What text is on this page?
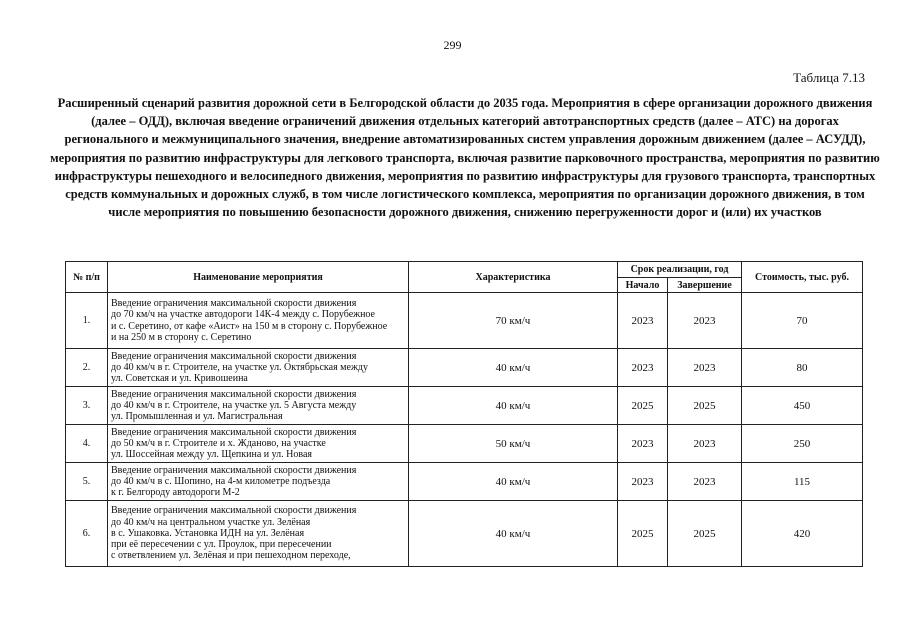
299
Таблица 7.13
Расширенный сценарий развития дорожной сети в Белгородской области до 2035 года. Мероприятия в сфере организации дорожного движения (далее – ОДД), включая введение ограничений движения отдельных категорий автотранспортных средств (далее – АТС) на дорогах регионального и межмуниципального значения, внедрение автоматизированных систем управления дорожным движением (далее – АСУДД), мероприятия по развитию инфраструктуры для легкового транспорта, включая развитие парковочного пространства, мероприятия по развитию инфраструктуры пешеходного и велосипедного движения, мероприятия по развитию инфраструктуры для грузового транспорта, транспортных средств коммунальных и дорожных служб, в том числе логистического комплекса, мероприятия по организации дорожного движения, в том числе мероприятия по повышению безопасности дорожного движения, снижению перегруженности дорог и (или) их участков
№ п/п	Наименование мероприятия	Характеристика	Срок реализации, год		Стоимость, тыс. руб.
			Начало	Завершение	
1.	Введение ограничения максимальной скорости движения
до 70 км/ч на участке автодороги 14К-4 между с. Порубежное
и с. Серетино, от кафе «Аист» на 150 м в сторону с. Порубежное
и на 250 м в сторону с. Серетино	70 км/ч	2023	2023	70
2.	Введение ограничения максимальной скорости движения
до 40 км/ч в г. Строителе, на участке ул. Октябрьская между
ул. Советская и ул. Кривошеина	40 км/ч	2023	2023	80
3.	Введение ограничения максимальной скорости движения
до 40 км/ч в г. Строителе, на участке ул. 5 Августа между
ул. Промышленная и ул. Магистральная	40 км/ч	2025	2025	450
4.	Введение ограничения максимальной скорости движения
до 50 км/ч в г. Строителе и х. Жданово, на участке
ул. Шоссейная между ул. Щепкина и ул. Новая	50 км/ч	2023	2023	250
5.	Введение ограничения максимальной скорости движения
до 40 км/ч в с. Шопино, на 4-м километре подъезда
к г. Белгороду автодороги М-2	40 км/ч	2023	2023	115
6.	Введение ограничения максимальной скорости движения
до 40 км/ч на центральном участке ул. Зелёная
в с. Ушаковка. Установка ИДН на ул. Зелёная
при её пересечении с ул. Проулок, при пересечении
с ответвлением ул. Зелёная и при пешеходном переходе,	40 км/ч	2025	2025	420
